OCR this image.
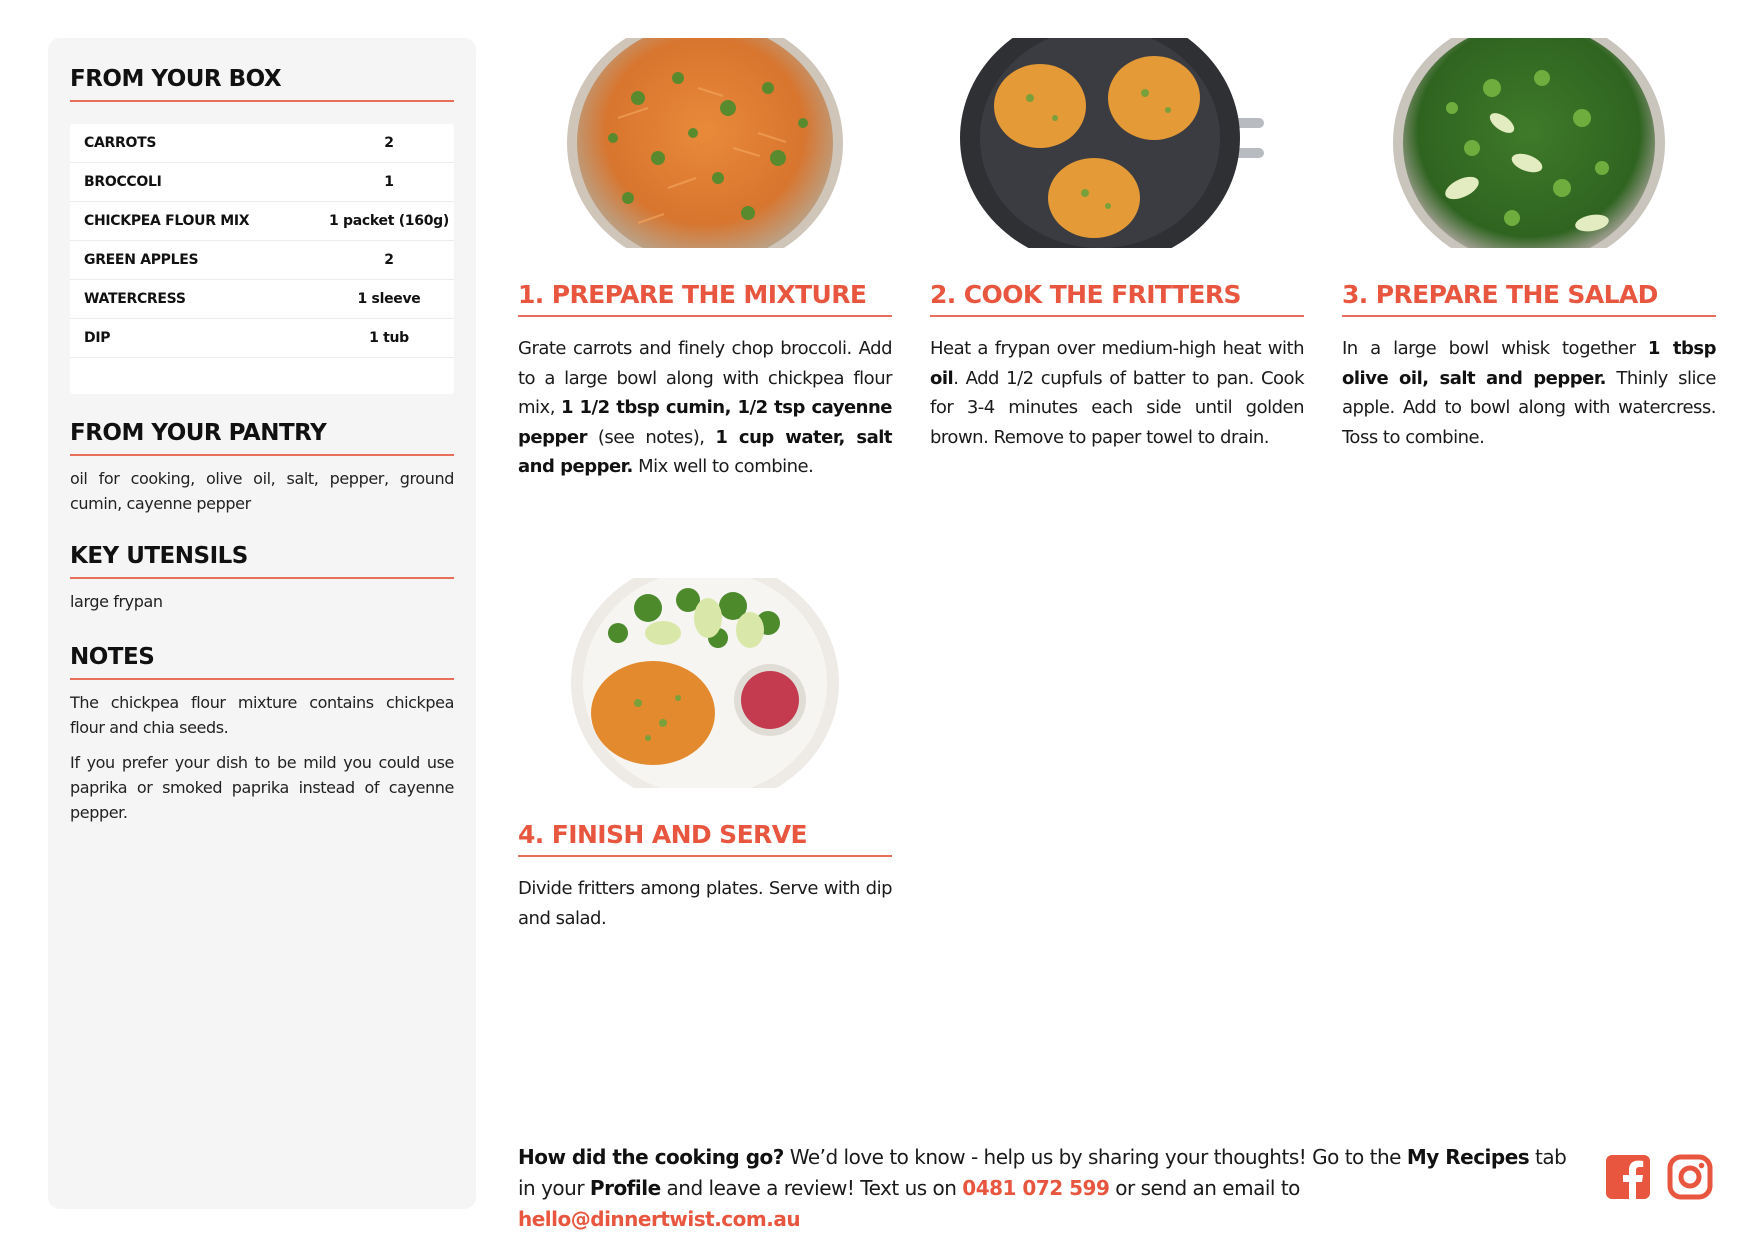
FROM YOUR BOX
CARROTS	2
BROCCOLI	1
CHICKPEA FLOUR MIX	1 packet (160g)
GREEN APPLES	2
WATERCRESS	1 sleeve
DIP	1 tub
FROM YOUR PANTRY

oil for cooking, olive oil, salt, pepper, ground cumin, cayenne pepper

KEY UTENSILS

large frypan

NOTES

The chickpea flour mixture contains chickpea flour and chia seeds.

If you prefer your dish to be mild you could use paprika or smoked paprika instead of cayenne pepper.

1. PREPARE THE MIXTURE

Grate carrots and finely chop broccoli. Add to a large bowl along with chickpea flour mix, 1 1/2 tbsp cumin, 1/2 tsp cayenne pepper (see notes), 1 cup water, salt and pepper. Mix well to combine.

2. COOK THE FRITTERS

Heat a frypan over medium-high heat with oil. Add 1/2 cupfuls of batter to pan. Cook for 3-4 minutes each side until golden brown. Remove to paper towel to drain.

3. PREPARE THE SALAD

In a large bowl whisk together 1 tbsp olive oil, salt and pepper. Thinly slice apple. Add to bowl along with watercress. Toss to combine.

4. FINISH AND SERVE

Divide fritters among plates. Serve with dip and salad.

How did the cooking go? We’d love to know - help us by sharing your thoughts! Go to the My Recipes tab in your Profile and leave a review! Text us on 0481 072 599 or send an email to hello@dinnertwist.com.au
